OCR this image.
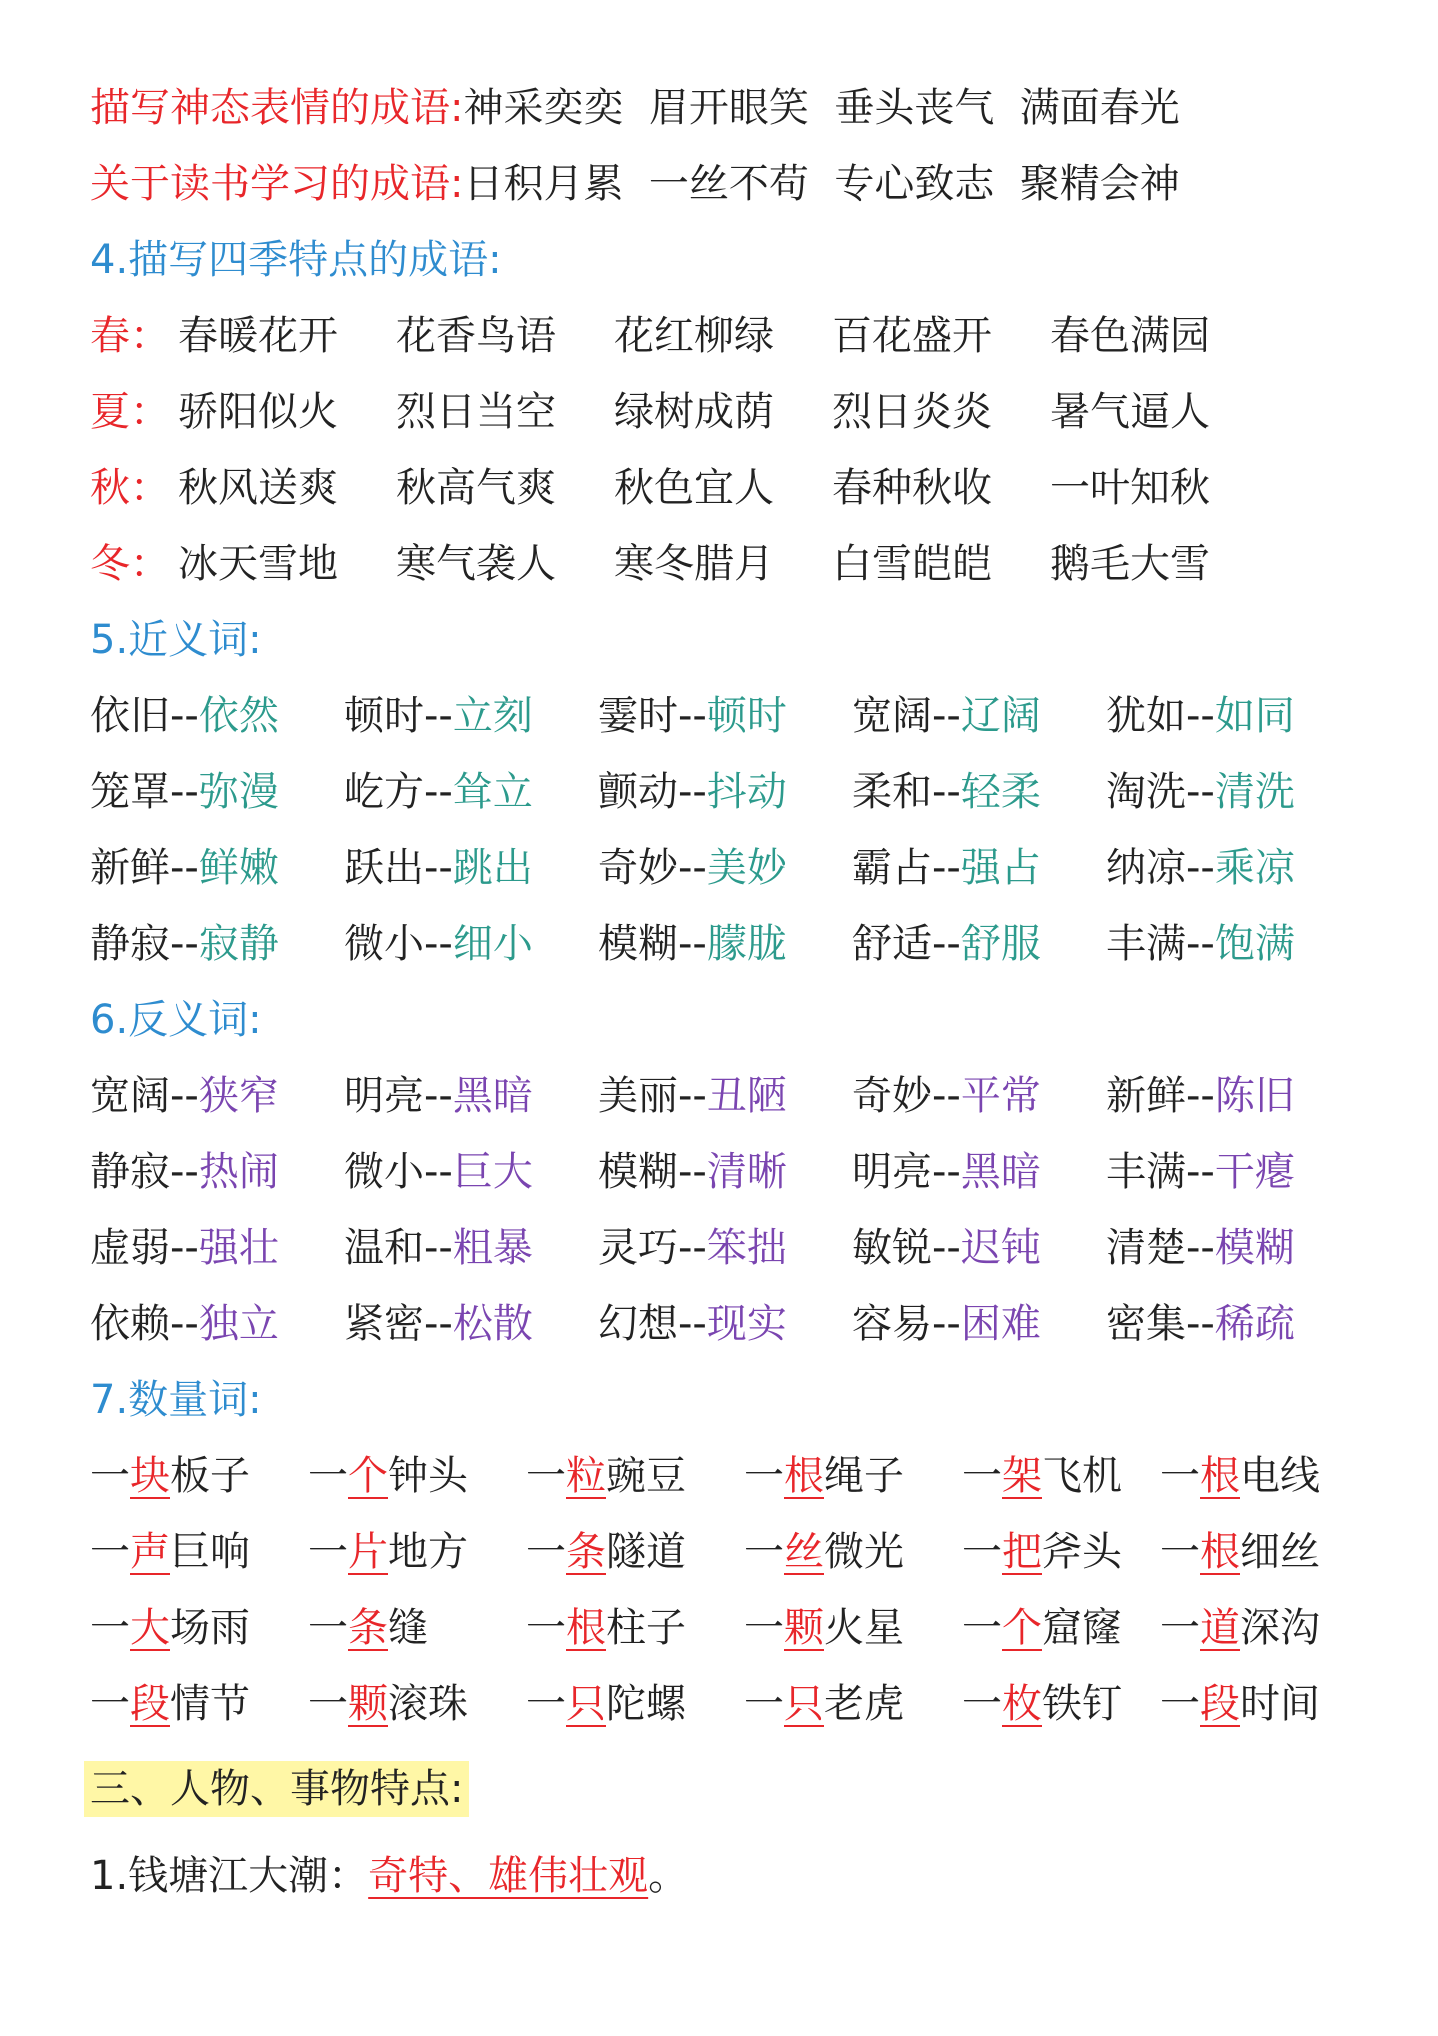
描写神态表情的成语:神采奕奕  眉开眼笑  垂头丧气  满面春光
关于读书学习的成语:日积月累  一丝不苟  专心致志  聚精会神
4.描写四季特点的成语:
春： 春暖花开 花香鸟语 花红柳绿 百花盛开 春色满园
夏： 骄阳似火 烈日当空 绿树成荫 烈日炎炎 暑气逼人
秋： 秋风送爽 秋高气爽 秋色宜人 春种秋收 一叶知秋
冬： 冰天雪地 寒气袭人 寒冬腊月 白雪皑皑 鹅毛大雪
5.近义词:
依旧--依然 顿时--立刻 霎时--顿时 宽阔--辽阔 犹如--如同
笼罩--弥漫 屹方--耸立 颤动--抖动 柔和--轻柔 淘洗--清洗
新鲜--鲜嫩 跃出--跳出 奇妙--美妙 霸占--强占 纳凉--乘凉
静寂--寂静 微小--细小 模糊--朦胧 舒适--舒服 丰满--饱满
6.反义词:
宽阔--狭窄 明亮--黑暗 美丽--丑陋 奇妙--平常 新鲜--陈旧
静寂--热闹 微小--巨大 模糊--清晰 明亮--黑暗 丰满--干瘪
虚弱--强壮 温和--粗暴 灵巧--笨拙 敏锐--迟钝 清楚--模糊
依赖--独立 紧密--松散 幻想--现实 容易--困难 密集--稀疏
7.数量词:
一块板子 一个钟头 一粒豌豆 一根绳子 一架飞机 一根电线
一声巨响 一片地方 一条隧道 一丝微光 一把斧头 一根细丝
一大场雨 一条缝 一根柱子 一颗火星 一个窟窿 一道深沟
一段情节 一颗滚珠 一只陀螺 一只老虎 一枚铁钉 一段时间
三、人物、事物特点:
1.钱塘江大潮：奇特、雄伟壮观。
